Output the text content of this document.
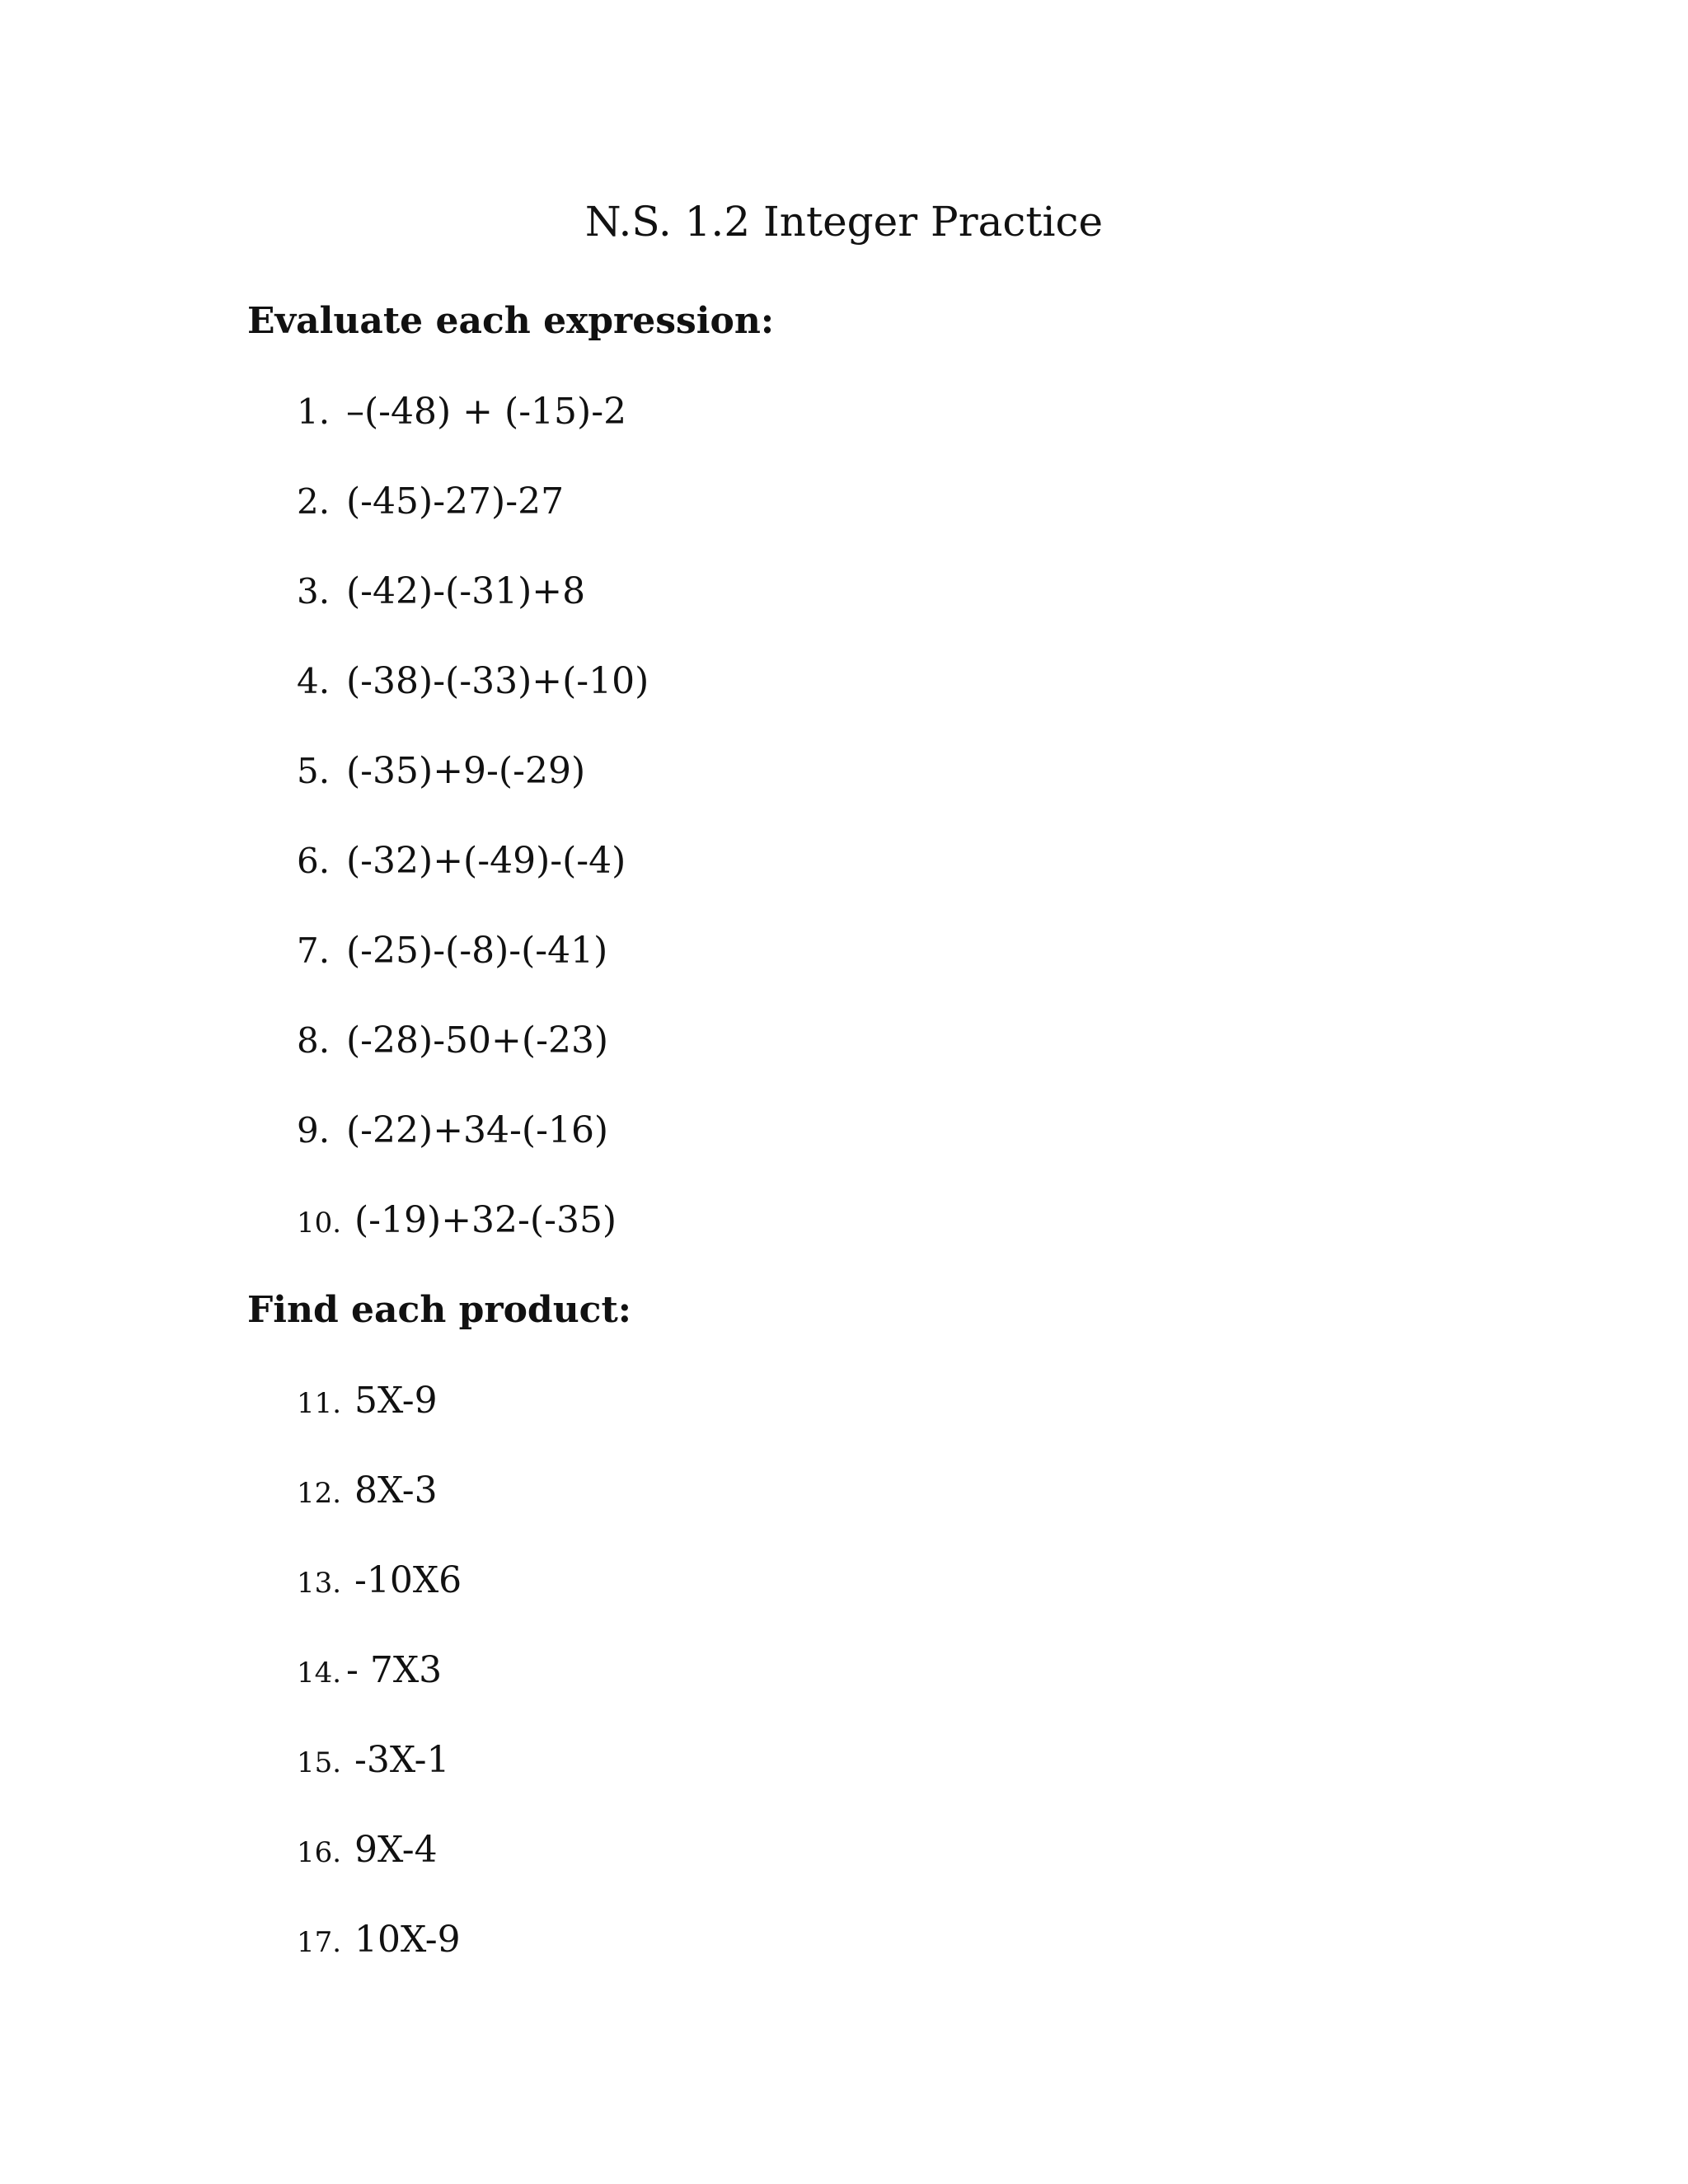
N.S. 1.2 Integer Practice
Evaluate each expression:
1. –(-48) + (-15)-2
2. (-45)-27)-27
3. (-42)-(-31)+8
4. (-38)-(-33)+(-10)
5. (-35)+9-(-29)
6. (-32)+(-49)-(-4)
7. (-25)-(-8)-(-41)
8. (-28)-50+(-23)
9. (-22)+34-(-16)
10. (-19)+32-(-35)
Find each product:
11. 5X-9
12. 8X-3
13. -10X6
14. - 7X3
15. -3X-1
16. 9X-4
17. 10X-9
